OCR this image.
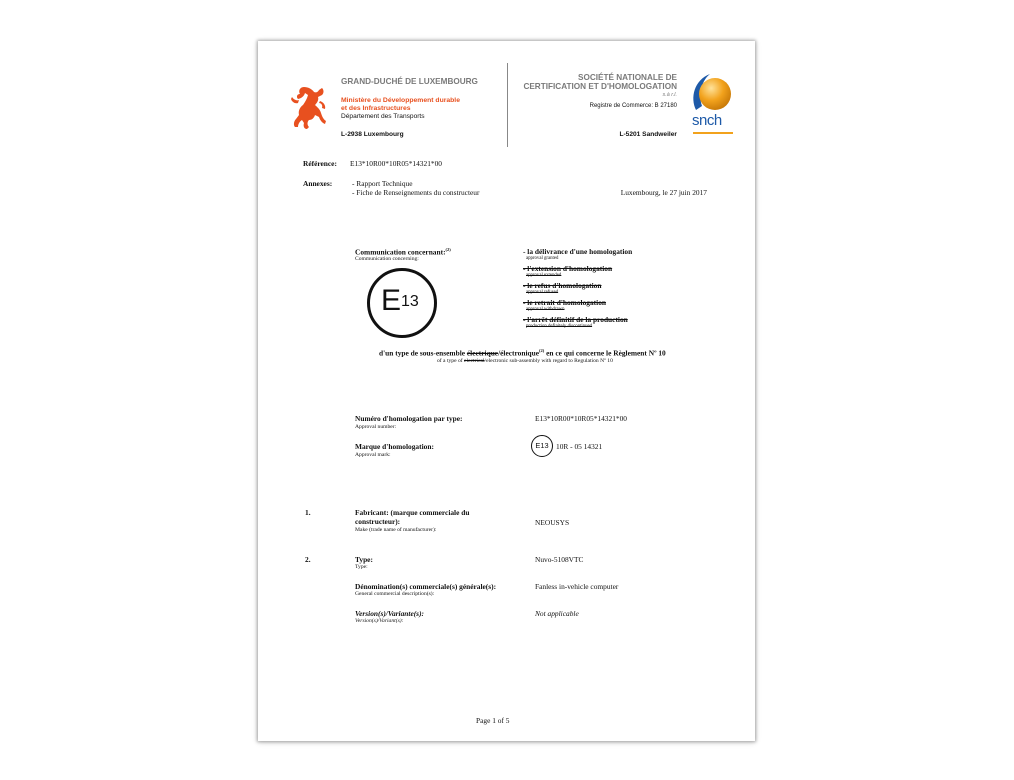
GRAND-DUCHÉ DE LUXEMBOURG
Ministère du Développement durable
et des Infrastructures
Département des Transports
L-2938 Luxembourg
SOCIÉTÉ NATIONALE DE
CERTIFICATION ET D'HOMOLOGATION
s.à r.l.
Registre de Commerce: B 27180
L-5201 Sandweiler
snch
Référence: E13*10R00*10R05*14321*00
Annexes:	- Rapport Technique
- Fiche de Renseignements du constructeur	Luxembourg, le 27 juin 2017
Communication concernant:$^{(2)}$
Communication concerning:
E 13
- la délivrance d'une homologation
approval granted
- l'extension d'homologation
approval extended
- le refus d'homologation
approval refused
- le retrait d'homologation
approval withdrawn
- l'arrêt définitif de la production
production definitely discontinued
d'un type de sous-ensemble électrique/électronique$^{(2)}$ en ce qui concerne le Règlement Nº 10
of a type of electrical/electronic sub-assembly with regard to Regulation Nº 10
Numéro d'homologation par type:
Approval number:
E13*10R00*10R05*14321*00
Marque d'homologation:
Approval mark:
E13	10R - 05 14321
1.	Fabricant: (marque commerciale du
constructeur):
Make (trade name of manufacturer):
NEOUSYS
2.	Type:
Type:
Nuvo-5108VTC
Dénomination(s) commerciale(s) générale(s):
General commercial description(s):
Fanless in-vehicle computer
Version(s)/Variante(s):
Version(s)/Variant(s):
Not applicable
Page 1 of 5
